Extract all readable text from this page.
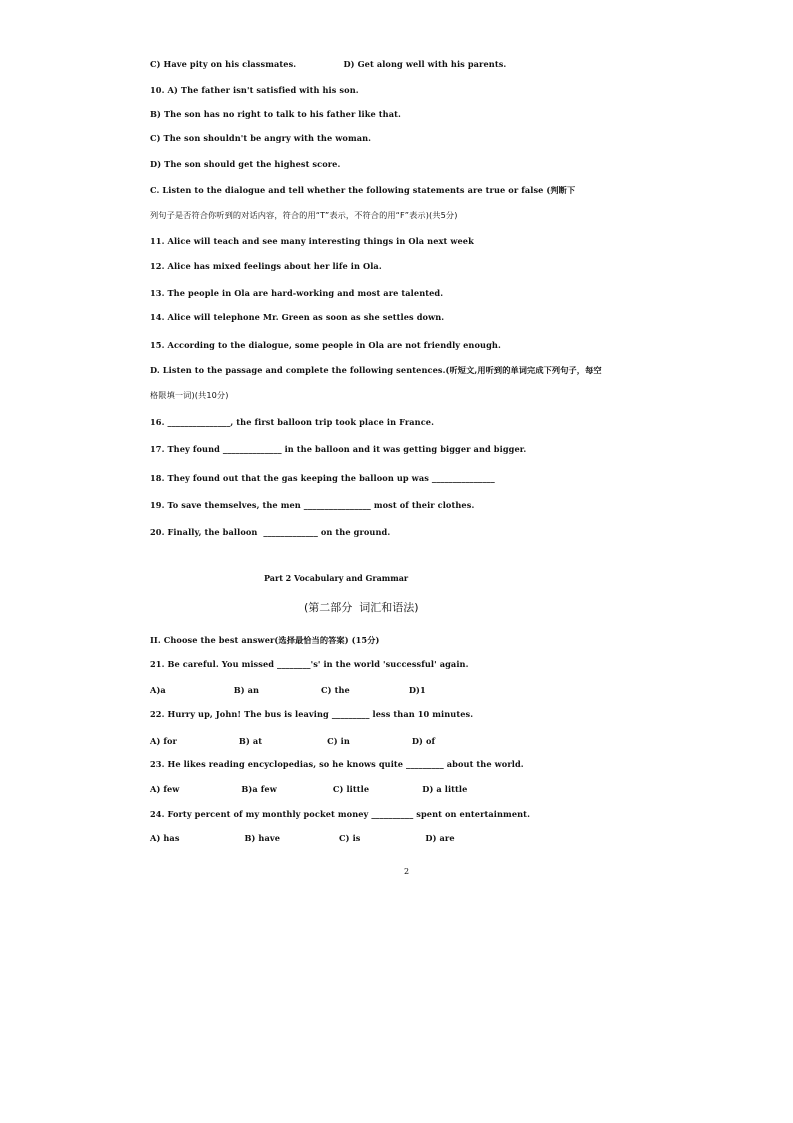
C) Have pity on his classmates.                D) Get along well with his parents.
10. A) The father isn't satisfied with his son.
B) The son has no right to talk to his father like that.
C) The son shouldn't be angry with the woman.
D) The son should get the highest score.
C. Listen to the dialogue and tell whether the following statements are true or false (判断下
列句子是否符合你听到的对话内容，符合的用“T”表示，不符合的用“F”表示)(共5分)
11. Alice will teach and see many interesting things in Ola next week
12. Alice has mixed feelings about her life in Ola.
13. The people in Ola are hard-working and most are talented.
14. Alice will telephone Mr. Green as soon as she settles down.
15. According to the dialogue, some people in Ola are not friendly enough.
D. Listen to the passage and complete the following sentences.(听短文,用听到的单词完成下列句子，每空
格限填一词)(共10分)
16. _______________, the first balloon trip took place in France.
17. They found ______________ in the balloon and it was getting bigger and bigger.
18. They found out that the gas keeping the balloon up was _______________
19. To save themselves, the men ________________ most of their clothes.
20. Finally, the balloon  _____________ on the ground.
Part 2 Vocabulary and Grammar
(第二部分  词汇和语法)
II. Choose the best answer(选择最恰当的答案) (15分)
21. Be careful. You missed ________'s' in the world 'successful' again.
A)a                       B) an                     C) the                    D)1
22. Hurry up, John! The bus is leaving _________ less than 10 minutes.
A) for                     B) at                      C) in                     D) of
23. He likes reading encyclopedias, so he knows quite _________ about the world.
A) few                     B)a few                   C) little                  D) a little
24. Forty percent of my monthly pocket money __________ spent on entertainment.
A) has                      B) have                    C) is                      D) are
2
